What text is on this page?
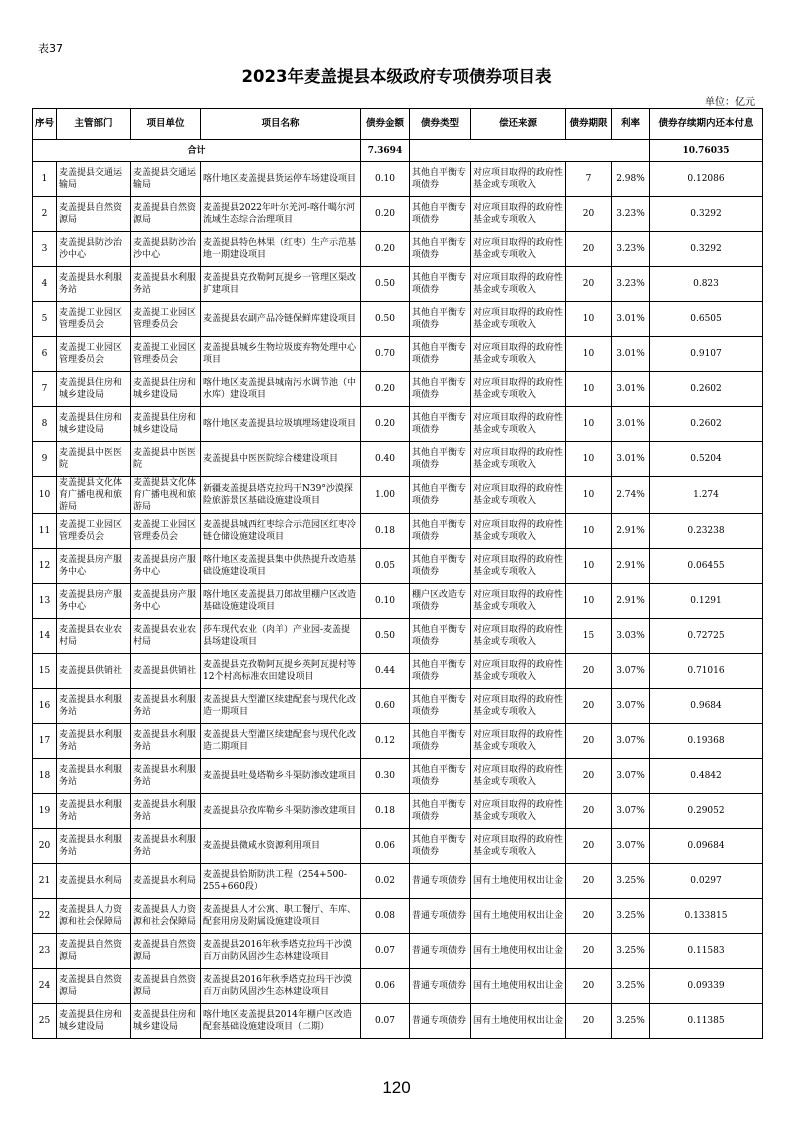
表37
2023年麦盖提县本级政府专项债券项目表
单位：亿元
序号	主管部门	项目单位	项目名称	债券金额	债券类型	偿还来源	债券期限	利率	债券存续期内还本付息
合计				7.3694					10.76035
1	麦盖提县交通运输局	麦盖提县交通运输局	喀什地区麦盖提县货运停车场建设项目	0.10	其他自平衡专项债券	对应项目取得的政府性基金或专项收入	7	2.98%	0.12086
2	麦盖提县自然资源局	麦盖提县自然资源局	麦盖提县2022年叶尔羌河-喀什噶尔河流域生态综合治理项目	0.20	其他自平衡专项债券	对应项目取得的政府性基金或专项收入	20	3.23%	0.3292
3	麦盖提县防沙治沙中心	麦盖提县防沙治沙中心	麦盖提县特色林果（红枣）生产示范基地一期建设项目	0.20	其他自平衡专项债券	对应项目取得的政府性基金或专项收入	20	3.23%	0.3292
4	麦盖提县水利服务站	麦盖提县水利服务站	麦盖提县克孜勒阿瓦提乡一管理区渠改扩建项目	0.50	其他自平衡专项债券	对应项目取得的政府性基金或专项收入	20	3.23%	0.823
5	麦盖提工业园区管理委员会	麦盖提工业园区管理委员会	麦盖提县农副产品冷链保鲜库建设项目	0.50	其他自平衡专项债券	对应项目取得的政府性基金或专项收入	10	3.01%	0.6505
6	麦盖提工业园区管理委员会	麦盖提工业园区管理委员会	麦盖提县城乡生物垃圾废弃物处理中心项目	0.70	其他自平衡专项债券	对应项目取得的政府性基金或专项收入	10	3.01%	0.9107
7	麦盖提县住房和城乡建设局	麦盖提县住房和城乡建设局	喀什地区麦盖提县城南污水调节池（中水库）建设项目	0.20	其他自平衡专项债券	对应项目取得的政府性基金或专项收入	10	3.01%	0.2602
8	麦盖提县住房和城乡建设局	麦盖提县住房和城乡建设局	喀什地区麦盖提县垃圾填埋场建设项目	0.20	其他自平衡专项债券	对应项目取得的政府性基金或专项收入	10	3.01%	0.2602
9	麦盖提县中医医院	麦盖提县中医医院	麦盖提县中医医院综合楼建设项目	0.40	其他自平衡专项债券	对应项目取得的政府性基金或专项收入	10	3.01%	0.5204
10	麦盖提县文化体育广播电视和旅游局	麦盖提县文化体育广播电视和旅游局	新疆麦盖提县塔克拉玛干N39°沙漠探险旅游景区基础设施建设项目	1.00	其他自平衡专项债券	对应项目取得的政府性基金或专项收入	10	2.74%	1.274
11	麦盖提工业园区管理委员会	麦盖提工业园区管理委员会	麦盖提县城西红枣综合示范园区红枣冷链仓储设施建设项目	0.18	其他自平衡专项债券	对应项目取得的政府性基金或专项收入	10	2.91%	0.23238
12	麦盖提县房产服务中心	麦盖提县房产服务中心	喀什地区麦盖提县集中供热提升改造基础设施建设项目	0.05	其他自平衡专项债券	对应项目取得的政府性基金或专项收入	10	2.91%	0.06455
13	麦盖提县房产服务中心	麦盖提县房产服务中心	喀什地区麦盖提县刀郎故里棚户区改造基础设施建设项目	0.10	棚户区改造专项债券	对应项目取得的政府性基金或专项收入	10	2.91%	0.1291
14	麦盖提县农业农村局	麦盖提县农业农村局	莎车现代农业（肉羊）产业园-麦盖提县场建设项目	0.50	其他自平衡专项债券	对应项目取得的政府性基金或专项收入	15	3.03%	0.72725
15	麦盖提县供销社	麦盖提县供销社	麦盖提县克孜勒阿瓦提乡英阿瓦提村等12个村高标准农田建设项目	0.44	其他自平衡专项债券	对应项目取得的政府性基金或专项收入	20	3.07%	0.71016
16	麦盖提县水利服务站	麦盖提县水利服务站	麦盖提县大型灌区续建配套与现代化改造一期项目	0.60	其他自平衡专项债券	对应项目取得的政府性基金或专项收入	20	3.07%	0.9684
17	麦盖提县水利服务站	麦盖提县水利服务站	麦盖提县大型灌区续建配套与现代化改造二期项目	0.12	其他自平衡专项债券	对应项目取得的政府性基金或专项收入	20	3.07%	0.19368
18	麦盖提县水利服务站	麦盖提县水利服务站	麦盖提县吐曼塔勒乡斗渠防渗改建项目	0.30	其他自平衡专项债券	对应项目取得的政府性基金或专项收入	20	3.07%	0.4842
19	麦盖提县水利服务站	麦盖提县水利服务站	麦盖提县尕孜库勒乡斗渠防渗改建项目	0.18	其他自平衡专项债券	对应项目取得的政府性基金或专项收入	20	3.07%	0.29052
20	麦盖提县水利服务站	麦盖提县水利服务站	麦盖提县微咸水资源利用项目	0.06	其他自平衡专项债券	对应项目取得的政府性基金或专项收入	20	3.07%	0.09684
21	麦盖提县水利局	麦盖提县水利局	麦盖提县恰斯防洪工程（254+500-255+660段）	0.02	普通专项债券	国有土地使用权出让金	20	3.25%	0.0297
22	麦盖提县人力资源和社会保障局	麦盖提县人力资源和社会保障局	麦盖提县人才公寓、职工餐厅、车库、配套用房及附属设施建设项目	0.08	普通专项债券	国有土地使用权出让金	20	3.25%	0.133815
23	麦盖提县自然资源局	麦盖提县自然资源局	麦盖提县2016年秋季塔克拉玛干沙漠百万亩防风固沙生态林建设项目	0.07	普通专项债券	国有土地使用权出让金	20	3.25%	0.11583
24	麦盖提县自然资源局	麦盖提县自然资源局	麦盖提县2016年秋季塔克拉玛干沙漠百万亩防风固沙生态林建设项目	0.06	普通专项债券	国有土地使用权出让金	20	3.25%	0.09339
25	麦盖提县住房和城乡建设局	麦盖提县住房和城乡建设局	喀什地区麦盖提县2014年棚户区改造配套基础设施建设项目（二期）	0.07	普通专项债券	国有土地使用权出让金	20	3.25%	0.11385
120
